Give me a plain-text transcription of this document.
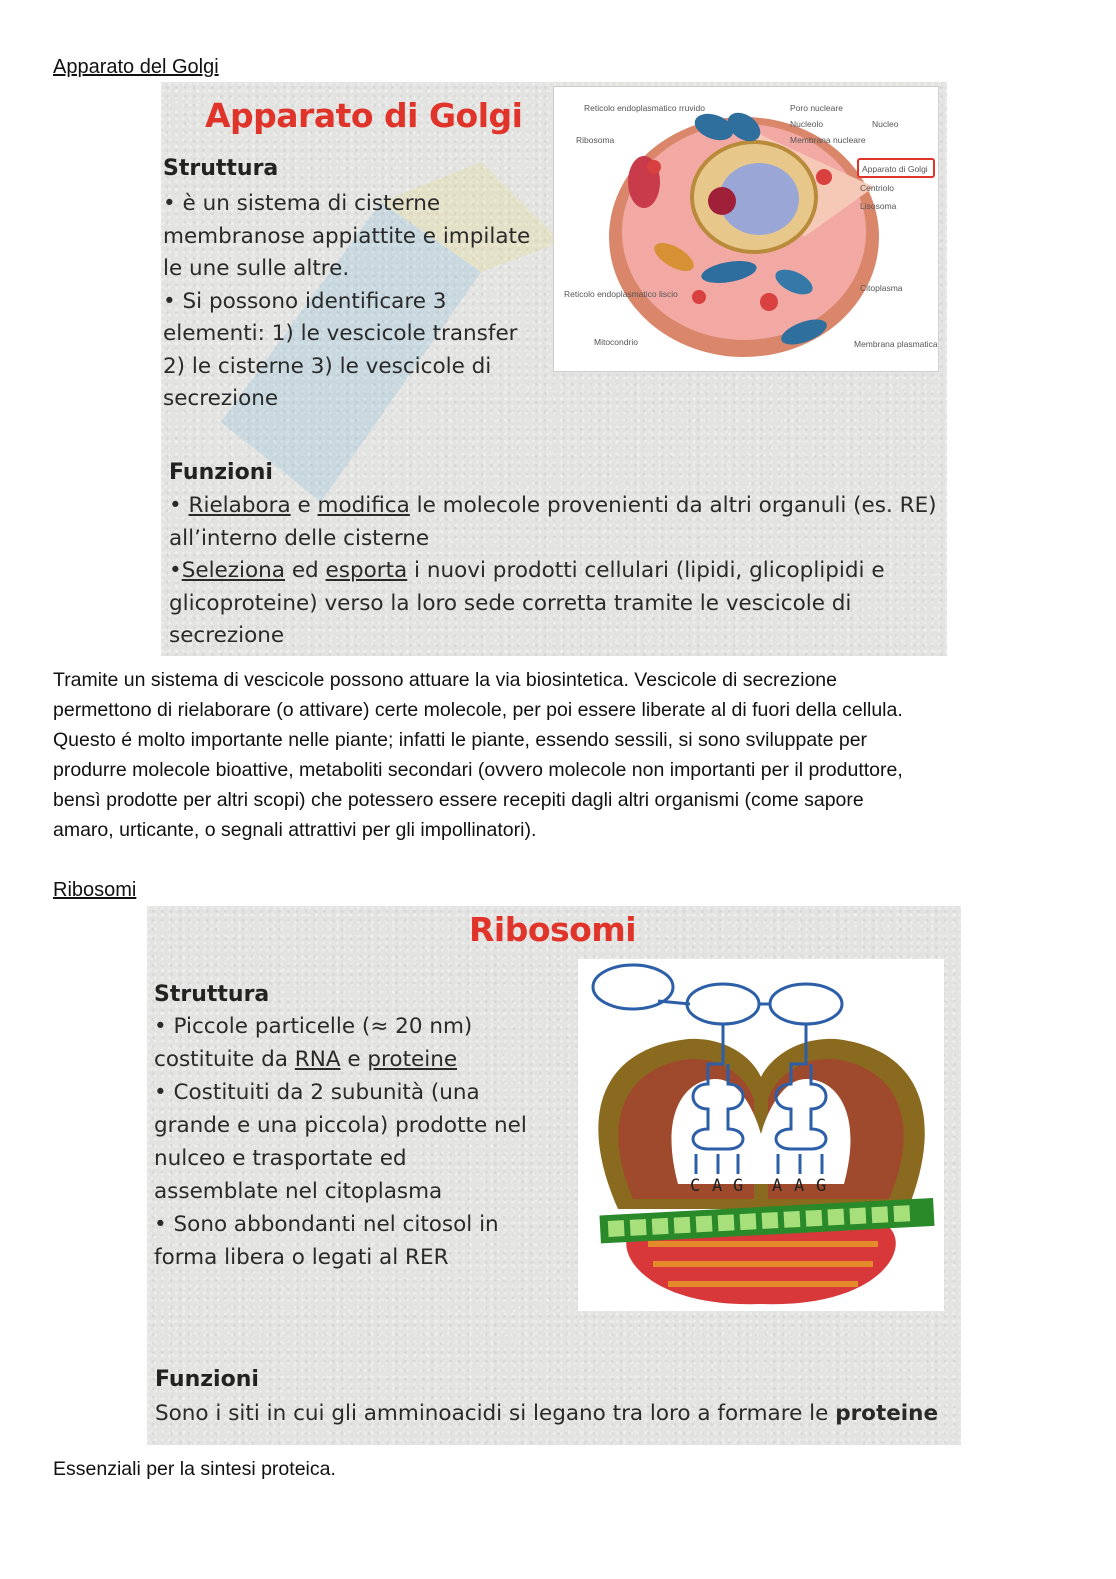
Apparato del Golgi
Apparato di Golgi
Struttura
• è un sistema di cisterne
membranose appiattite e impilate
le une sulle altre.
• Si possono identificare 3
elementi: 1) le vescicole transfer
2) le cisterne 3) le vescicole di
secrezione
Reticolo endoplasmatico rruvido
Ribosoma
Poro nucleare
Nucleolo
Membrana nucleare
Nucleo
Apparato di Golgi
Centriolo
Lisosoma
Reticolo endoplasmatico liscio
Citoplasma
Mitocondrio	Membrana plasmatica
Funzioni
• Rielabora e modifica le molecole provenienti da altri organuli (es. RE)
all’interno delle cisterne
•Seleziona ed esporta i nuovi prodotti cellulari (lipidi, glicoplipidi e
glicoproteine) verso la loro sede corretta tramite le vescicole di
secrezione
Tramite un sistema di vescicole possono attuare la via biosintetica. Vescicole di secrezione
permettono di rielaborare (o attivare) certe molecole, per poi essere liberate al di fuori della cellula.
Questo é molto importante nelle piante; infatti le piante, essendo sessili, si sono sviluppate per
produrre molecole bioattive, metaboliti secondari (ovvero molecole non importanti per il produttore,
bensì prodotte per altri scopi) che potessero essere recepiti dagli altri organismi (come sapore
amaro, urticante, o segnali attrattivi per gli impollinatori).
Ribosomi
Ribosomi
Struttura
• Piccole particelle (≈ 20 nm)
costituite da RNA e proteine
• Costituiti da 2 subunità (una
grande e una piccola) prodotte nel
nulceo e trasportate ed
assemblate nel citoplasma
• Sono abbondanti nel citosol in
forma libera o legati al RER
C A G A A G
Funzioni
Sono i siti in cui gli amminoacidi si legano tra loro a formare le proteine
Essenziali per la sintesi proteica.
